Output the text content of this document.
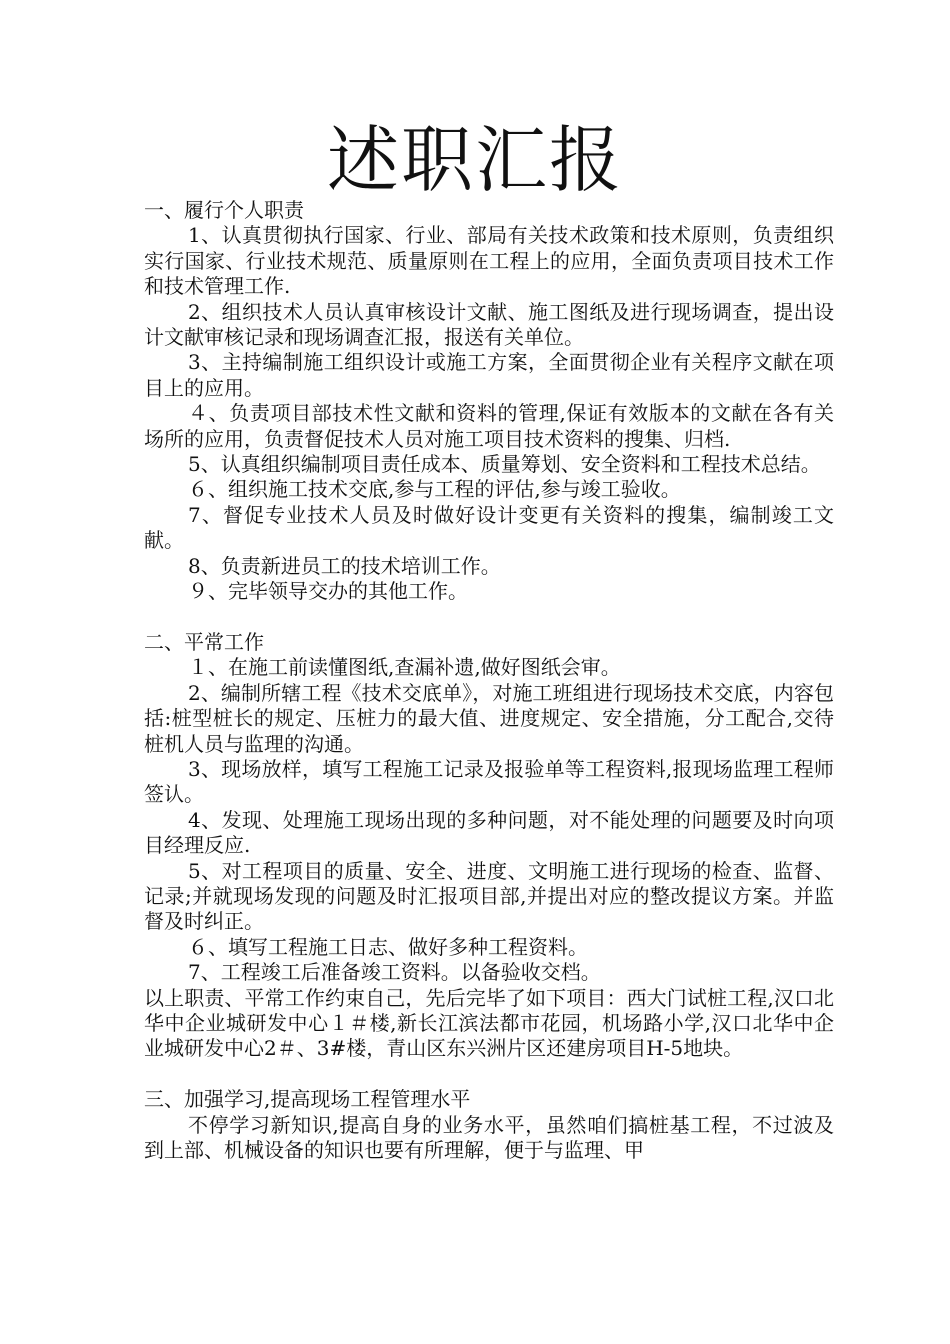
述职汇报

一、履行个人职责

1、认真贯彻执行国家、行业、部局有关技术政策和技术原则，负责组织实行国家、行业技术规范、质量原则在工程上的应用，全面负责项目技术工作和技术管理工作.

2、组织技术人员认真审核设计文献、施工图纸及进行现场调查，提出设计文献审核记录和现场调查汇报，报送有关单位。

3、主持编制施工组织设计或施工方案，全面贯彻企业有关程序文献在项目上的应用。

４、负责项目部技术性文献和资料的管理,保证有效版本的文献在各有关场所的应用，负责督促技术人员对施工项目技术资料的搜集、归档.

5、认真组织编制项目责任成本、质量筹划、安全资料和工程技术总结。

６、组织施工技术交底,参与工程的评估,参与竣工验收。

7、督促专业技术人员及时做好设计变更有关资料的搜集，编制竣工文献。

8、负责新进员工的技术培训工作。

９、完毕领导交办的其他工作。

二、平常工作

１、在施工前读懂图纸,查漏补遗,做好图纸会审。

2、编制所辖工程《技术交底单》，对施工班组进行现场技术交底，内容包括:桩型桩长的规定、压桩力的最大值、进度规定、安全措施，分工配合,交待桩机人员与监理的沟通。

3、现场放样，填写工程施工记录及报验单等工程资料,报现场监理工程师签认。

4、发现、处理施工现场出现的多种问题，对不能处理的问题要及时向项目经理反应.

5、对工程项目的质量、安全、进度、文明施工进行现场的检查、监督、记录;并就现场发现的问题及时汇报项目部,并提出对应的整改提议方案。并监督及时纠正。

６、填写工程施工日志、做好多种工程资料。

7、工程竣工后准备竣工资料。以备验收交档。

以上职责、平常工作约束自己，先后完毕了如下项目：西大门试桩工程,汉口北华中企业城研发中心１＃楼,新长江滨法都市花园，机场路小学,汉口北华中企业城研发中心2＃、3#楼，青山区东兴洲片区还建房项目H-5地块。

三、加强学习,提高现场工程管理水平

不停学习新知识,提高自身的业务水平，虽然咱们搞桩基工程，不过波及到上部、机械设备的知识也要有所理解，便于与监理、甲
